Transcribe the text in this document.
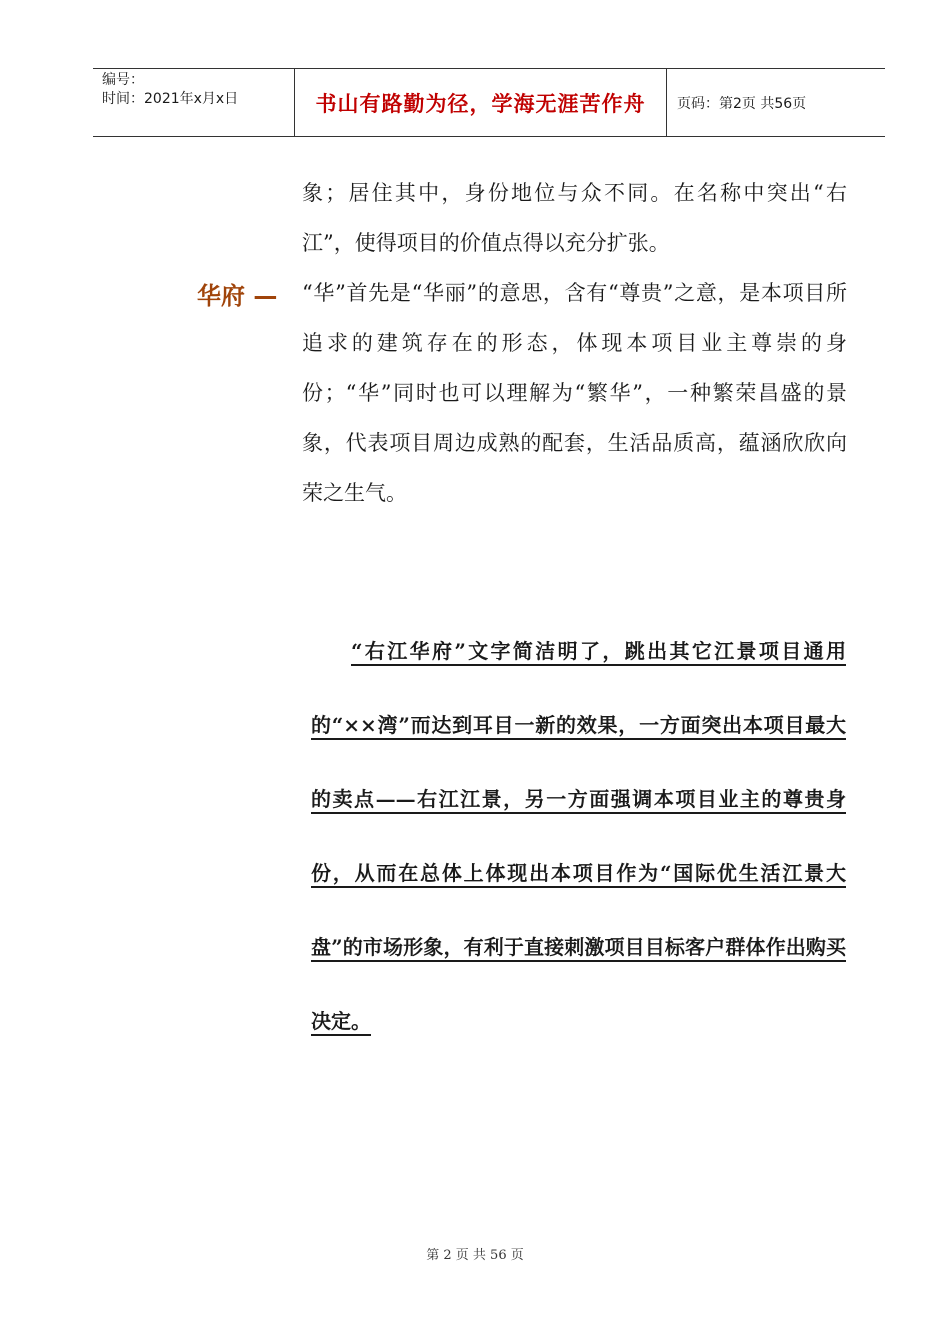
编号：
时间：2021年x月x日	书山有路勤为径，学海无涯苦作舟	页码：第2页 共56页

象；居住其中，身份地位与众不同。在名称中突出“右江”，使得项目的价值点得以充分扩张。

华府 — “华”首先是“华丽”的意思，含有“尊贵”之意，是本项目所追求的建筑存在的形态，体现本项目业主尊崇的身份；“华”同时也可以理解为“繁华”，一种繁荣昌盛的景象，代表项目周边成熟的配套，生活品质高，蕴涵欣欣向荣之生气。

“右江华府”文字简洁明了，跳出其它江景项目通用的“××湾”而达到耳目一新的效果，一方面突出本项目最大的卖点——右江江景，另一方面强调本项目业主的尊贵身份，从而在总体上体现出本项目作为“国际优生活江景大盘”的市场形象，有利于直接刺激项目目标客户群体作出购买决定。

第 2 页 共 56 页
